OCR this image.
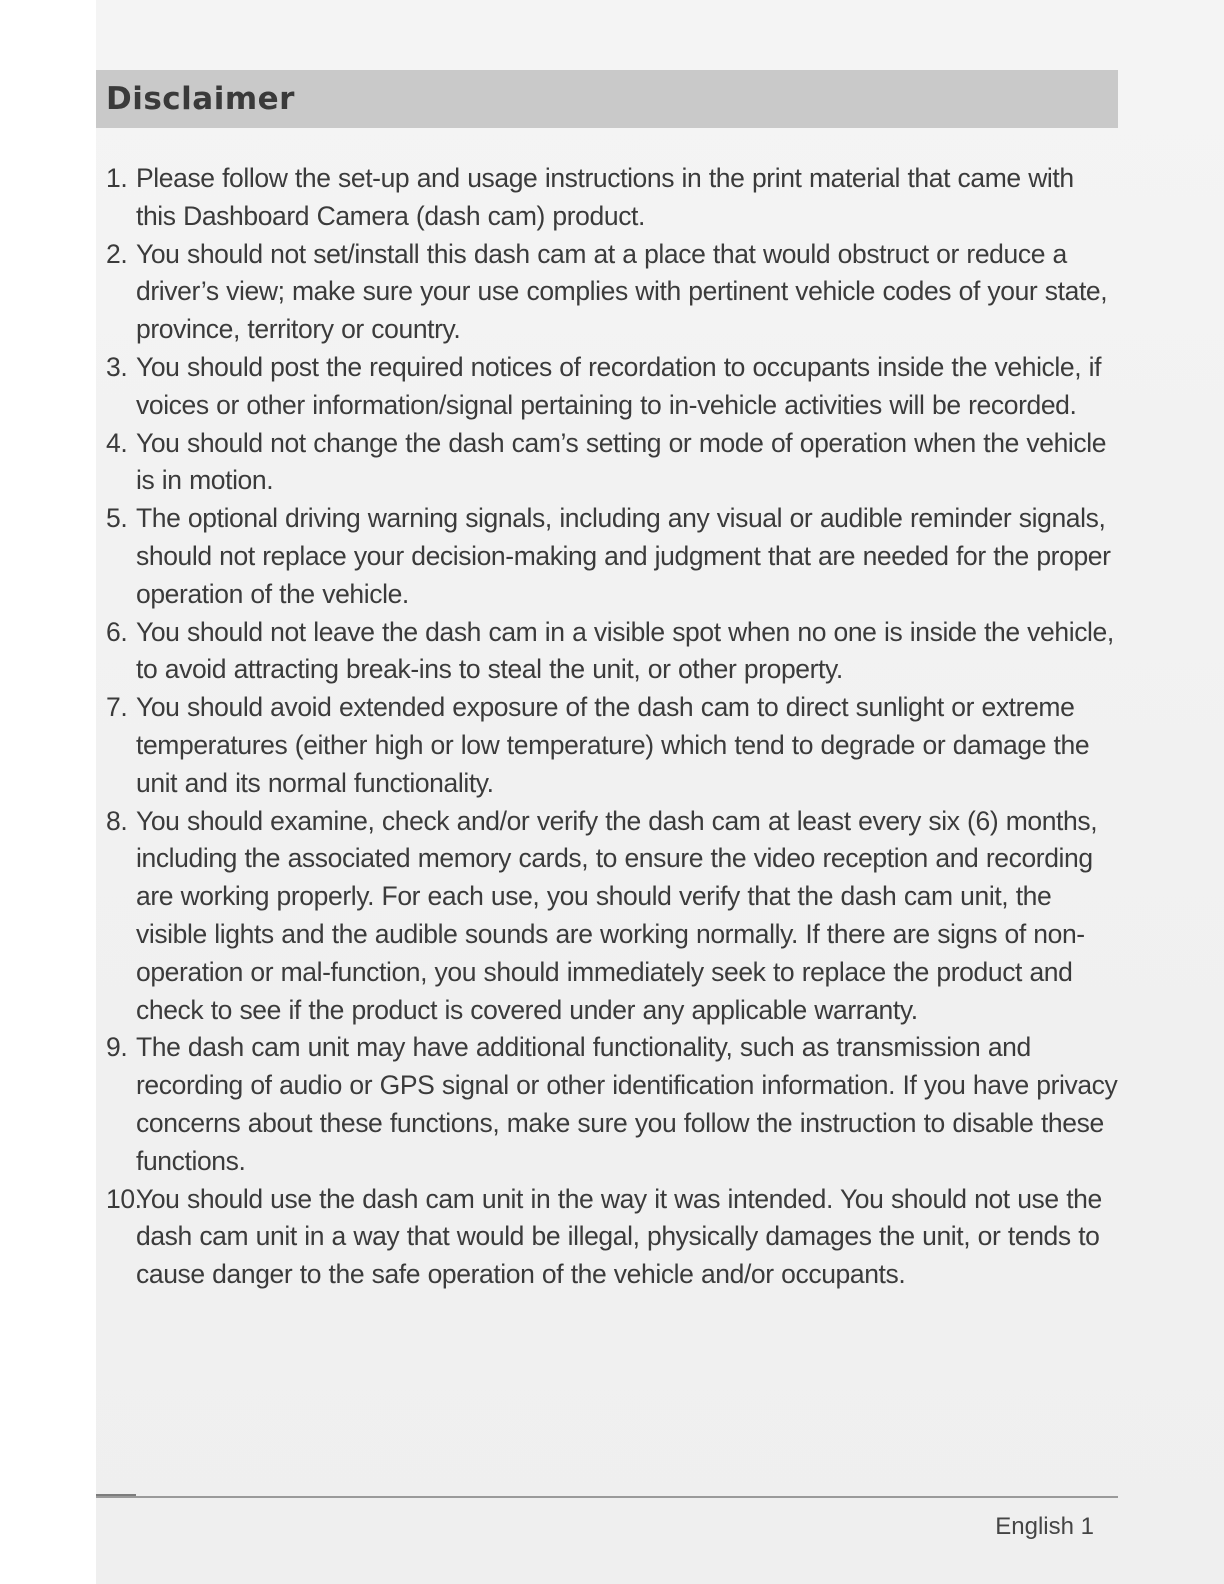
Disclaimer
1. Please follow the set-up and usage instructions in the print material that came with this Dashboard Camera (dash cam) product.
2. You should not set/install this dash cam at a place that would obstruct or reduce a driver’s view; make sure your use complies with pertinent vehicle codes of your state, province, territory or country.
3. You should post the required notices of recordation to occupants inside the vehicle, if voices or other information/signal pertaining to in-vehicle activities will be recorded.
4. You should not change the dash cam’s setting or mode of operation when the vehicle is in motion.
5. The optional driving warning signals, including any visual or audible reminder signals, should not replace your decision-making and judgment that are needed for the proper operation of the vehicle.
6. You should not leave the dash cam in a visible spot when no one is inside the vehicle, to avoid attracting break-ins to steal the unit, or other property.
7. You should avoid extended exposure of the dash cam to direct sunlight or extreme temperatures (either high or low temperature) which tend to degrade or damage the unit and its normal functionality.
8. You should examine, check and/or verify the dash cam at least every six (6) months, including the associated memory cards, to ensure the video reception and recording are working properly. For each use, you should verify that the dash cam unit, the visible lights and the audible sounds are working normally. If there are signs of non-operation or mal-function, you should immediately seek to replace the product and check to see if the product is covered under any applicable warranty.
9. The dash cam unit may have additional functionality, such as transmission and recording of audio or GPS signal or other identification information. If you have privacy concerns about these functions, make sure you follow the instruction to disable these functions.
10.
You should use the dash cam unit in the way it was intended. You should not use the dash cam unit in a way that would be illegal, physically damages the unit, or tends to cause danger to the safe operation of the vehicle and/or occupants.
English 1
